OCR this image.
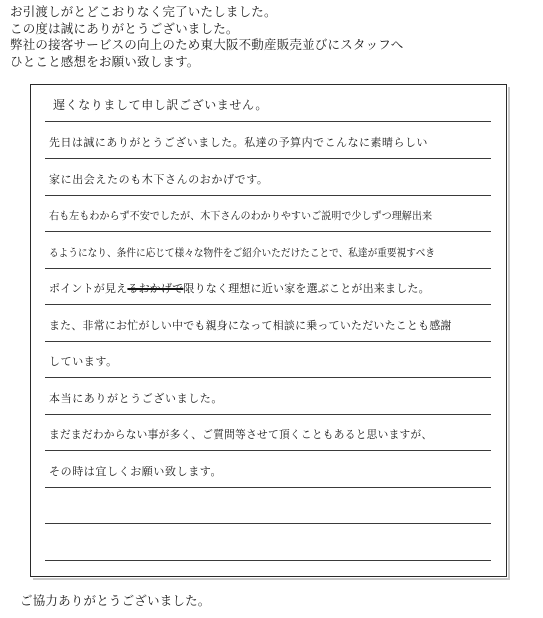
お引渡しがとどこおりなく完了いたしました。
この度は誠にありがとうございました。
弊社の接客サービスの向上のため東大阪不動産販売並びにスタッフへ
ひとこと感想をお願い致します。
遅くなりまして申し訳ございません。
先日は誠にありがとうございました。私達の予算内でこんなに素晴らしい
家に出会えたのも木下さんのおかげです。
右も左もわからず不安でしたが、木下さんのわかりやすいご説明で少しずつ理解出来
るようになり、条件に応じて様々な物件をご紹介いただけたことで、私達が重要視すべき
ポイントが見えるおかげで限りなく理想に近い家を選ぶことが出来ました。
また、非常にお忙がしい中でも親身になって相談に乗っていただいたことも感謝
しています。
本当にありがとうございました。
まだまだわからない事が多く、ご質問等させて頂くこともあると思いますが、
その時は宜しくお願い致します。
ご協力ありがとうございました。
